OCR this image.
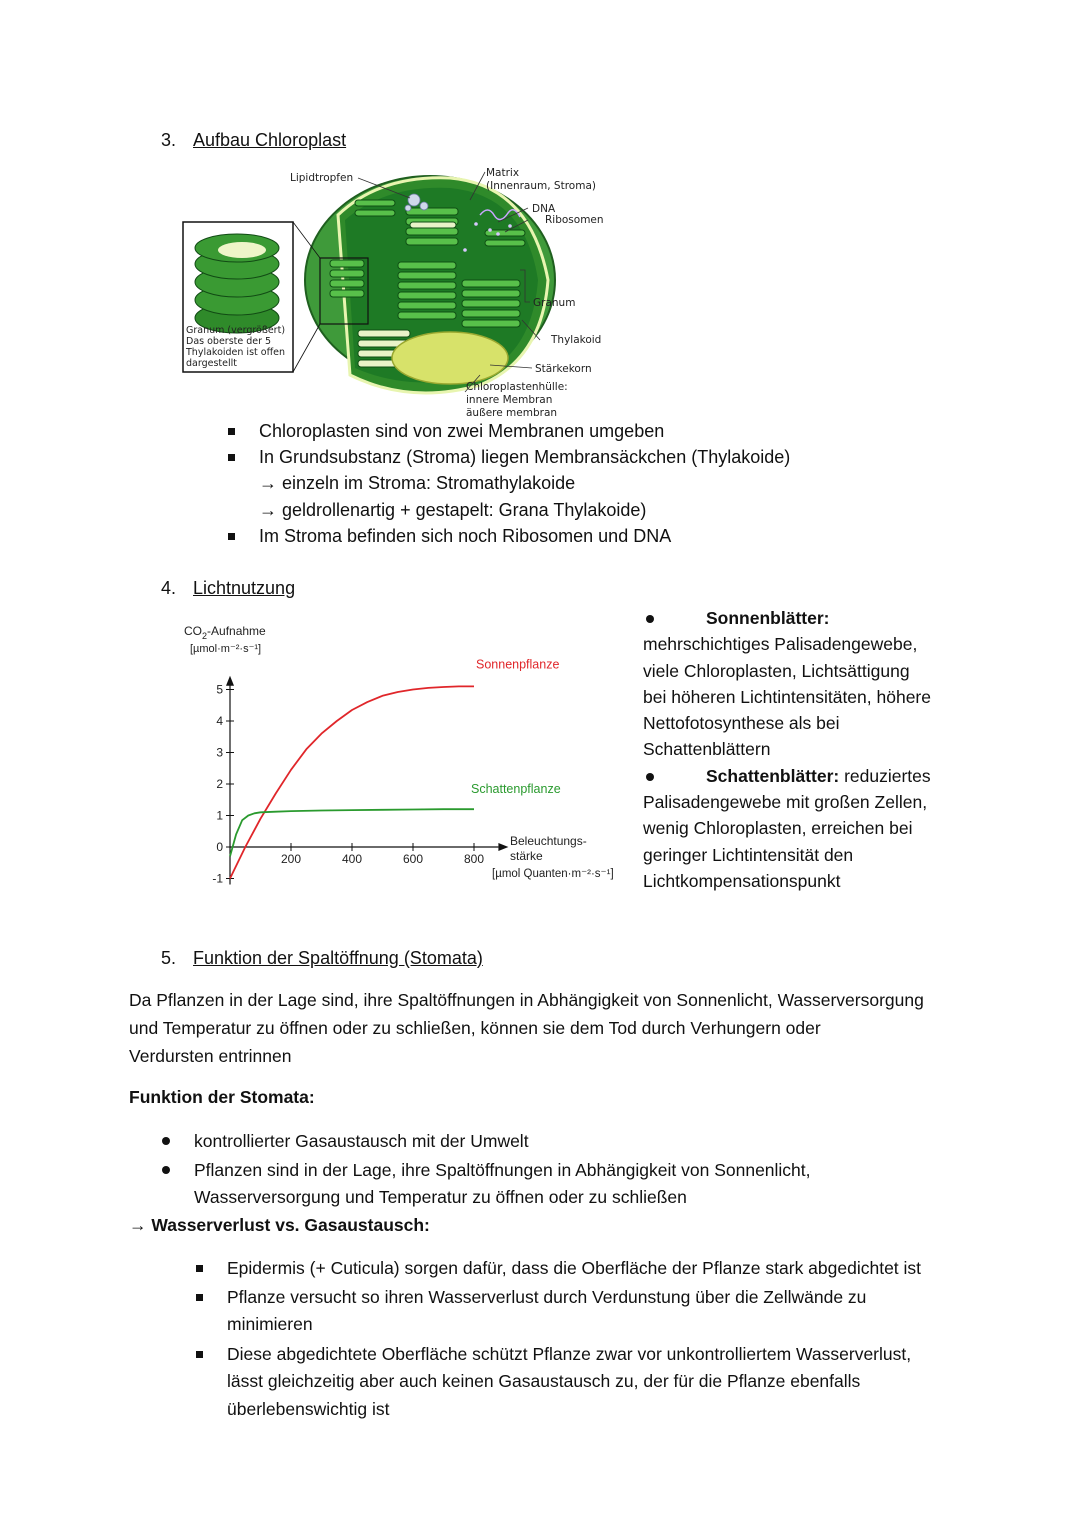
3. Aufbau Chloroplast
Lipidtropfen	Matrix
(Innenraum, Stroma)
DNA
Ribosomen
Granum
Thylakoid
Stärkekorn
Chloroplastenhülle:
innere Membran
äußere membran
Granum (vergrößert)
Das oberste der 5
Thylakoiden ist offen
dargestellt
Chloroplasten sind von zwei Membranen umgeben
In Grundsubstanz (Stroma) liegen Membransäckchen (Thylakoide)
→ einzeln im Stroma: Stromathylakoide
→ geldrollenartig + gestapelt: Grana Thylakoide)
Im Stroma befinden sich noch Ribosomen und DNA
4. Lichtnutzung
$CO_2$-Aufnahme
[µmol·m⁻²·s⁻¹]
Beleuchtungs-
stärke
[µmol Quanten·m⁻²·s⁻¹]
-1
0
1
2
3
4
5
200	400	600	800
Sonnenpflanze
Schattenpflanze
Sonnenblätter:
mehrschichtiges Palisadengewebe,
viele Chloroplasten, Lichtsättigung
bei höheren Lichtintensitäten, höhere
Nettofotosynthese als bei
Schattenblättern
Schattenblätter: reduziertes
Palisadengewebe mit großen Zellen,
wenig Chloroplasten, erreichen bei
geringer Lichtintensität den
Lichtkompensationspunkt
5. Funktion der Spaltöffnung (Stomata)

Da Pflanzen in der Lage sind, ihre Spaltöffnungen in Abhängigkeit von Sonnenlicht, Wasserversorgung

und Temperatur zu öffnen oder zu schließen, können sie dem Tod durch Verhungern oder

Verdursten entrinnen

Funktion der Stomata:
kontrollierter Gasaustausch mit der Umwelt
Pflanzen sind in der Lage, ihre Spaltöffnungen in Abhängigkeit von Sonnenlicht,
Wasserversorgung und Temperatur zu öffnen oder zu schließen
→ Wasserverlust vs. Gasaustausch:
Epidermis (+ Cuticula) sorgen dafür, dass die Oberfläche der Pflanze stark abgedichtet ist
Pflanze versucht so ihren Wasserverlust durch Verdunstung über die Zellwände zu
minimieren
Diese abgedichtete Oberfläche schützt Pflanze zwar vor unkontrolliertem Wasserverlust,
lässt gleichzeitig aber auch keinen Gasaustausch zu, der für die Pflanze ebenfalls
überlebenswichtig ist
